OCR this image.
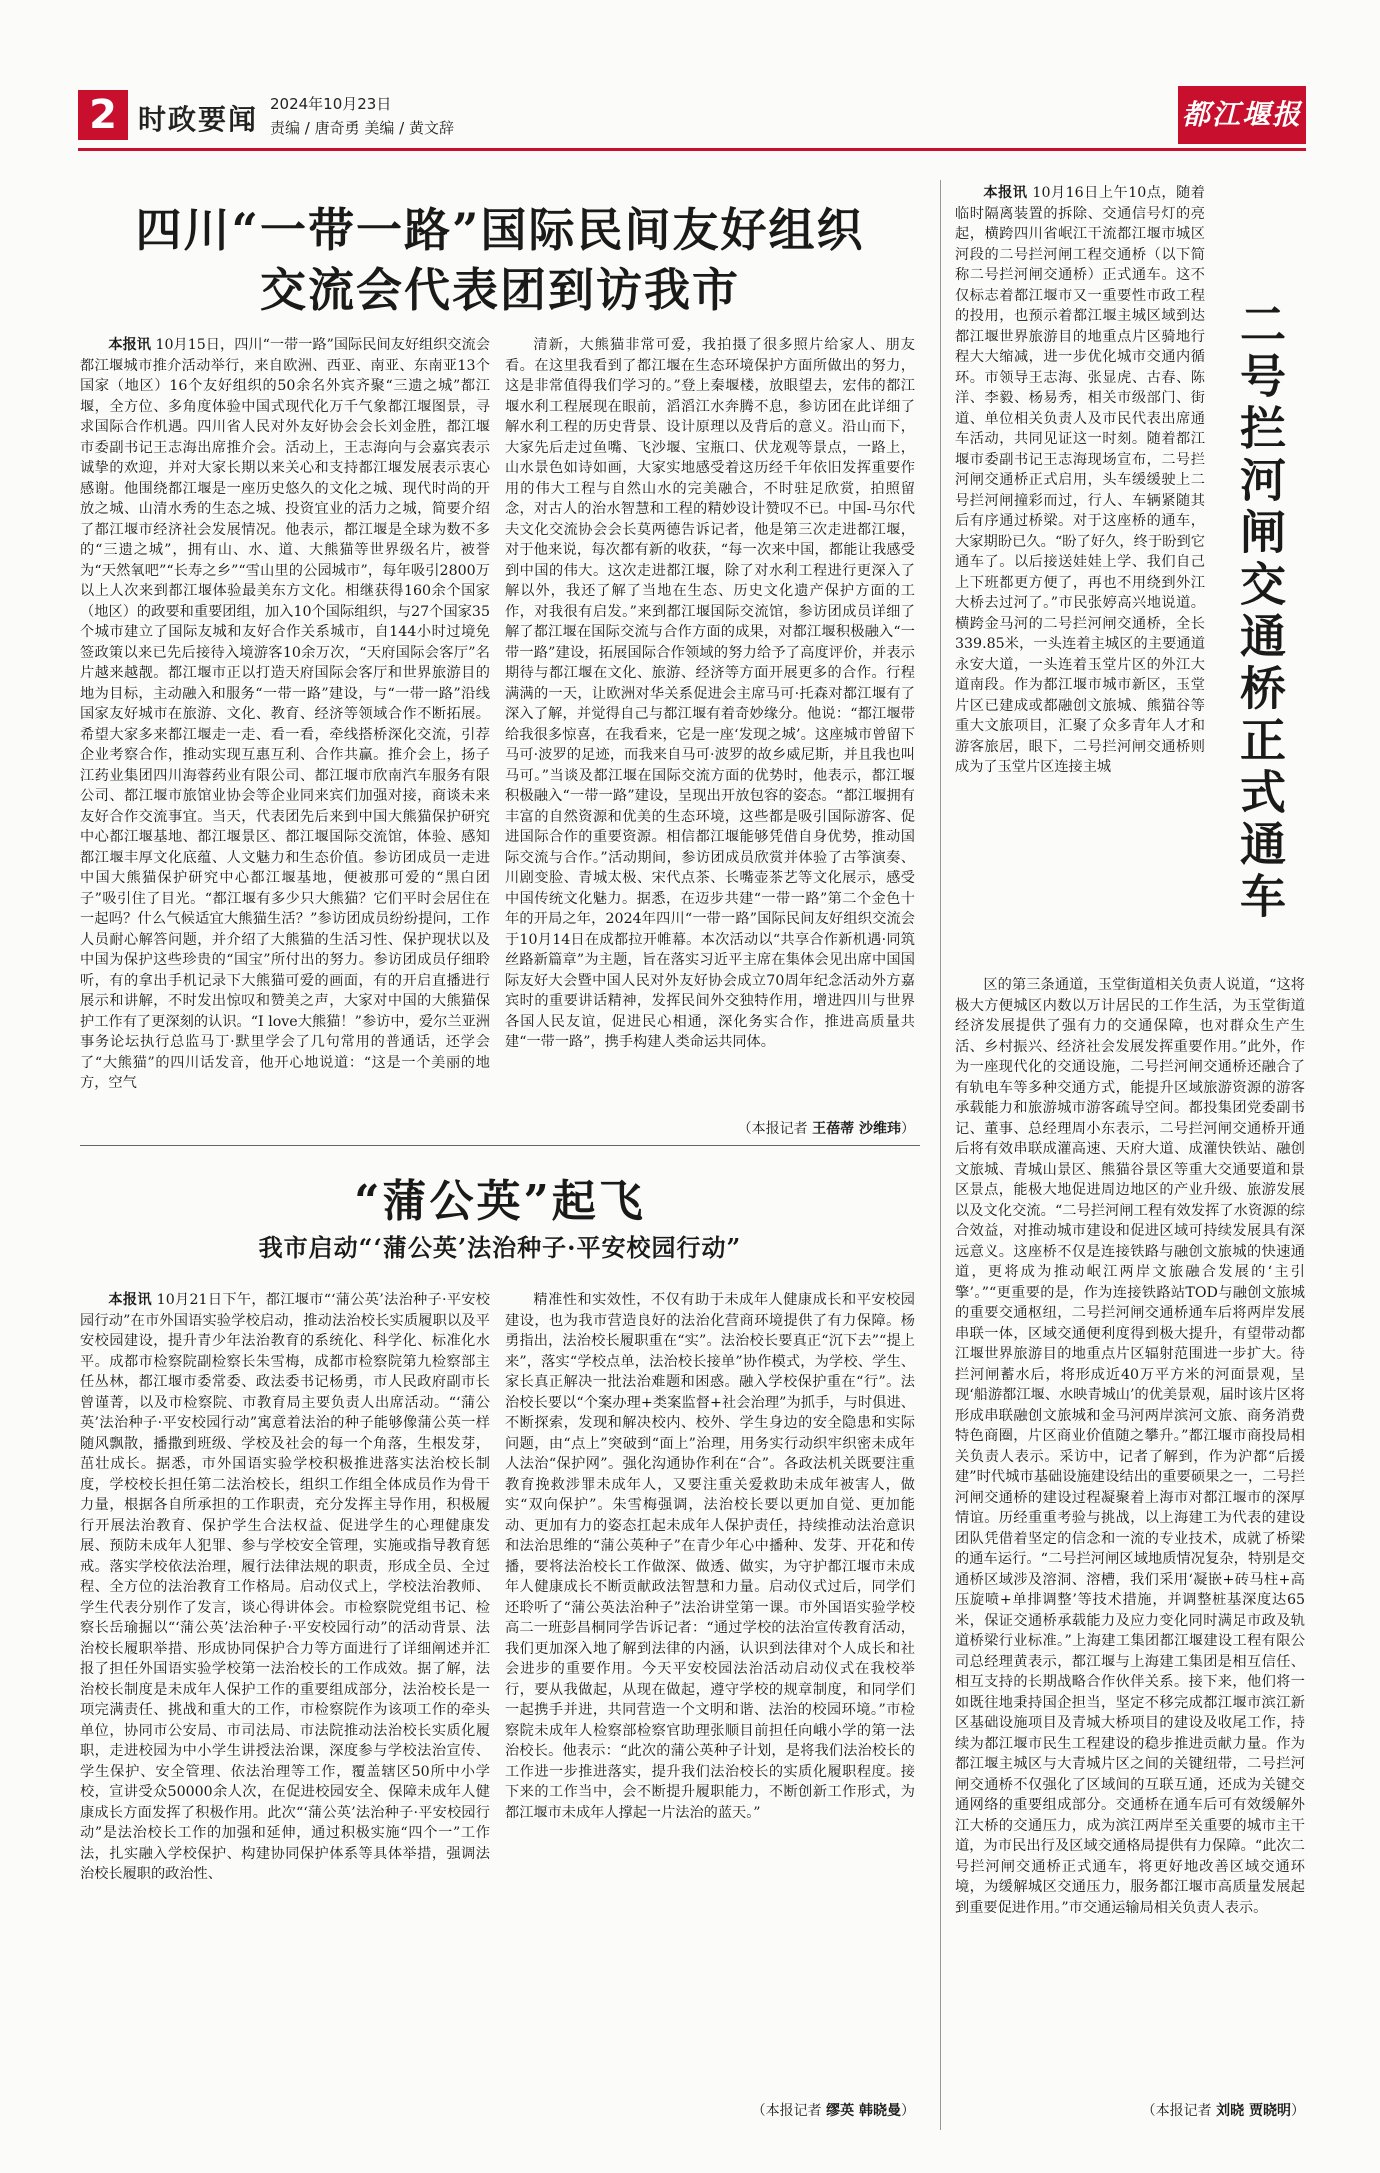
2 时政要闻 2024年10月23日
责编 / 唐奇勇 美编 / 黄文辞	都江堰报
四川“一带一路”国际民间友好组织
交流会代表团到访我市

本报讯 10月15日，四川“一带一路”国际民间友好组织交流会都江堰城市推介活动举行，来自欧洲、西亚、南亚、东南亚13个国家（地区）16个友好组织的50余名外宾齐聚“三遗之城”都江堰，全方位、多角度体验中国式现代化万千气象都江堰图景，寻求国际合作机遇。四川省人民对外友好协会会长刘金胜，都江堰市委副书记王志海出席推介会。活动上，王志海向与会嘉宾表示诚挚的欢迎，并对大家长期以来关心和支持都江堰发展表示衷心感谢。他围绕都江堰是一座历史悠久的文化之城、现代时尚的开放之城、山清水秀的生态之城、投资宜业的活力之城，简要介绍了都江堰市经济社会发展情况。他表示，都江堰是全球为数不多的“三遗之城”，拥有山、水、道、大熊猫等世界级名片，被誉为“天然氧吧”“长寿之乡”“雪山里的公园城市”，每年吸引2800万以上人次来到都江堰体验最美东方文化。相继获得160余个国家（地区）的政要和重要团组，加入10个国际组织，与27个国家35个城市建立了国际友城和友好合作关系城市，自144小时过境免签政策以来已先后接待入境游客10余万次，“天府国际会客厅”名片越来越靓。都江堰市正以打造天府国际会客厅和世界旅游目的地为目标，主动融入和服务“一带一路”建设，与“一带一路”沿线国家友好城市在旅游、文化、教育、经济等领域合作不断拓展。希望大家多来都江堰走一走、看一看，牵线搭桥深化交流，引荐企业考察合作，推动实现互惠互利、合作共赢。推介会上，扬子江药业集团四川海蓉药业有限公司、都江堰市欣南汽车服务有限公司、都江堰市旅馆业协会等企业同来宾们加强对接，商谈未来友好合作交流事宜。当天，代表团先后来到中国大熊猫保护研究中心都江堰基地、都江堰景区、都江堰国际交流馆，体验、感知都江堰丰厚文化底蕴、人文魅力和生态价值。参访团成员一走进中国大熊猫保护研究中心都江堰基地，便被那可爱的“黑白团子”吸引住了目光。“都江堰有多少只大熊猫？它们平时会居住在一起吗？什么气候适宜大熊猫生活？”参访团成员纷纷提问，工作人员耐心解答问题，并介绍了大熊猫的生活习性、保护现状以及中国为保护这些珍贵的“国宝”所付出的努力。参访团成员仔细聆听，有的拿出手机记录下大熊猫可爱的画面，有的开启直播进行展示和讲解，不时发出惊叹和赞美之声，大家对中国的大熊猫保护工作有了更深刻的认识。“I love大熊猫！”参访中，爱尔兰亚洲事务论坛执行总监马丁·默里学会了几句常用的普通话，还学会了“大熊猫”的四川话发音，他开心地说道：“这是一个美丽的地方，空气

清新，大熊猫非常可爱，我拍摄了很多照片给家人、朋友看。在这里我看到了都江堰在生态环境保护方面所做出的努力，这是非常值得我们学习的。”登上秦堰楼，放眼望去，宏伟的都江堰水利工程展现在眼前，滔滔江水奔腾不息，参访团在此详细了解水利工程的历史背景、设计原理以及背后的意义。沿山而下，大家先后走过鱼嘴、飞沙堰、宝瓶口、伏龙观等景点，一路上，山水景色如诗如画，大家实地感受着这历经千年依旧发挥重要作用的伟大工程与自然山水的完美融合，不时驻足欣赏，拍照留念，对古人的治水智慧和工程的精妙设计赞叹不已。中国-马尔代夫文化交流协会会长莫两德告诉记者，他是第三次走进都江堰，对于他来说，每次都有新的收获，“每一次来中国，都能让我感受到中国的伟大。这次走进都江堰，除了对水利工程进行更深入了解以外，我还了解了当地在生态、历史文化遗产保护方面的工作，对我很有启发。”来到都江堰国际交流馆，参访团成员详细了解了都江堰在国际交流与合作方面的成果，对都江堰积极融入“一带一路”建设，拓展国际合作领域的努力给予了高度评价，并表示期待与都江堰在文化、旅游、经济等方面开展更多的合作。行程满满的一天，让欧洲对华关系促进会主席马可·托森对都江堰有了深入了解，并觉得自己与都江堰有着奇妙缘分。他说：“都江堰带给我很多惊喜，在我看来，它是一座‘发现之城’。这座城市曾留下马可·波罗的足迹，而我来自马可·波罗的故乡威尼斯，并且我也叫马可。”当谈及都江堰在国际交流方面的优势时，他表示，都江堰积极融入“一带一路”建设，呈现出开放包容的姿态。“都江堰拥有丰富的自然资源和优美的生态环境，这些都是吸引国际游客、促进国际合作的重要资源。相信都江堰能够凭借自身优势，推动国际交流与合作。”活动期间，参访团成员欣赏并体验了古筝演奏、川剧变脸、青城太极、宋代点茶、长嘴壶茶艺等文化展示，感受中国传统文化魅力。据悉，在迈步共建“一带一路”第二个金色十年的开局之年，2024年四川“一带一路”国际民间友好组织交流会于10月14日在成都拉开帷幕。本次活动以“共享合作新机遇·同筑丝路新篇章”为主题，旨在落实习近平主席在集体会见出席中国国际友好大会暨中国人民对外友好协会成立70周年纪念活动外方嘉宾时的重要讲话精神，发挥民间外交独特作用，增进四川与世界各国人民友谊，促进民心相通，深化务实合作，推进高质量共建“一带一路”，携手构建人类命运共同体。

（本报记者 王蓓蒂 沙维玮）
“蒲公英”起飞
我市启动“‘蒲公英’法治种子·平安校园行动”

本报讯 10月21日下午，都江堰市“‘蒲公英’法治种子·平安校园行动”在市外国语实验学校启动，推动法治校长实质履职以及平安校园建设，提升青少年法治教育的系统化、科学化、标准化水平。成都市检察院副检察长朱雪梅，成都市检察院第九检察部主任丛林，都江堰市委常委、政法委书记杨勇，市人民政府副市长曾谨菁，以及市检察院、市教育局主要负责人出席活动。“‘蒲公英’法治种子·平安校园行动”寓意着法治的种子能够像蒲公英一样随风飘散，播撒到班级、学校及社会的每一个角落，生根发芽，茁壮成长。据悉，市外国语实验学校积极推进落实法治校长制度，学校校长担任第二法治校长，组织工作组全体成员作为骨干力量，根据各自所承担的工作职责，充分发挥主导作用，积极履行开展法治教育、保护学生合法权益、促进学生的心理健康发展、预防未成年人犯罪、参与学校安全管理，实施或指导教育惩戒。落实学校依法治理，履行法律法规的职责，形成全员、全过程、全方位的法治教育工作格局。启动仪式上，学校法治教师、学生代表分别作了发言，谈心得讲体会。市检察院党组书记、检察长岳瑜掘以“‘蒲公英’法治种子·平安校园行动”的活动背景、法治校长履职举措、形成协同保护合力等方面进行了详细阐述并汇报了担任外国语实验学校第一法治校长的工作成效。据了解，法治校长制度是未成年人保护工作的重要组成部分，法治校长是一项完满责任、挑战和重大的工作，市检察院作为该项工作的牵头单位，协同市公安局、市司法局、市法院推动法治校长实质化履职，走进校园为中小学生讲授法治课，深度参与学校法治宣传、学生保护、安全管理、依法治理等工作，覆盖辖区50所中小学校，宣讲受众50000余人次，在促进校园安全、保障未成年人健康成长方面发挥了积极作用。此次“‘蒲公英’法治种子·平安校园行动”是法治校长工作的加强和延伸，通过积极实施“四个一”工作法，扎实融入学校保护、构建协同保护体系等具体举措，强调法治校长履职的政治性、

精准性和实效性，不仅有助于未成年人健康成长和平安校园建设，也为我市营造良好的法治化营商环境提供了有力保障。杨勇指出，法治校长履职重在“实”。法治校长要真正“沉下去”“提上来”，落实“学校点单，法治校长接单”协作模式，为学校、学生、家长真正解决一批法治难题和困惑。融入学校保护重在“行”。法治校长要以“个案办理+类案监督+社会治理”为抓手，与时俱进、不断探索，发现和解决校内、校外、学生身边的安全隐患和实际问题，由“点上”突破到“面上”治理，用务实行动织牢织密未成年人法治“保护网”。强化沟通协作利在“合”。各政法机关既要注重教育挽救涉罪未成年人，又要注重关爱救助未成年被害人，做实“双向保护”。朱雪梅强调，法治校长要以更加自觉、更加能动、更加有力的姿态扛起未成年人保护责任，持续推动法治意识和法治思维的“蒲公英种子”在青少年心中播种、发芽、开花和传播，要将法治校长工作做深、做透、做实，为守护都江堰市未成年人健康成长不断贡献政法智慧和力量。启动仪式过后，同学们还聆听了“蒲公英法治种子”法治讲堂第一课。市外国语实验学校高二一班彭昌桐同学告诉记者：“通过学校的法治宣传教育活动，我们更加深入地了解到法律的内涵，认识到法律对个人成长和社会进步的重要作用。今天平安校园法治活动启动仪式在我校举行，要从我做起，从现在做起，遵守学校的规章制度，和同学们一起携手并进，共同营造一个文明和谐、法治的校园环境。”市检察院未成年人检察部检察官助理张顺目前担任向峨小学的第一法治校长。他表示：“此次的蒲公英种子计划，是将我们法治校长的工作进一步推进落实，提升我们法治校长的实质化履职程度。接下来的工作当中，会不断提升履职能力，不断创新工作形式，为都江堰市未成年人撑起一片法治的蓝天。”

（本报记者 缪英 韩晓曼）
二号拦河闸交通桥正式通车

本报讯 10月16日上午10点，随着临时隔离装置的拆除、交通信号灯的亮起，横跨四川省岷江干流都江堰市城区河段的二号拦河闸工程交通桥（以下简称二号拦河闸交通桥）正式通车。这不仅标志着都江堰市又一重要性市政工程的投用，也预示着都江堰主城区域到达都江堰世界旅游目的地重点片区骑地行程大大缩减，进一步优化城市交通内循环。市领导王志海、张显虎、古春、陈洋、李毅、杨易秀，相关市级部门、街道、单位相关负责人及市民代表出席通车活动，共同见证这一时刻。随着都江堰市委副书记王志海现场宣布，二号拦河闸交通桥正式启用，头车缓缓驶上二号拦河闸撞彩而过，行人、车辆紧随其后有序通过桥梁。对于这座桥的通车，大家期盼已久。“盼了好久，终于盼到它通车了。以后接送娃娃上学、我们自己上下班都更方便了，再也不用绕到外江大桥去过河了。”市民张婷高兴地说道。横跨金马河的二号拦河闸交通桥，全长339.85米，一头连着主城区的主要通道永安大道，一头连着玉堂片区的外江大道南段。作为都江堰市城市新区，玉堂片区已建成或都融创文旅城、熊猫谷等重大文旅项目，汇聚了众多青年人才和游客旅居，眼下，二号拦河闸交通桥则成为了玉堂片区连接主城

区的第三条通道，玉堂街道相关负责人说道，“这将极大方便城区内数以万计居民的工作生活，为玉堂街道经济发展提供了强有力的交通保障，也对群众生产生活、乡村振兴、经济社会发展发挥重要作用。”此外，作为一座现代化的交通设施，二号拦河闸交通桥还融合了有轨电车等多种交通方式，能提升区域旅游资源的游客承载能力和旅游城市游客疏导空间。都投集团党委副书记、董事、总经理周小东表示，二号拦河闸交通桥开通后将有效串联成灌高速、天府大道、成灌快铁站、融创文旅城、青城山景区、熊猫谷景区等重大交通要道和景区景点，能极大地促进周边地区的产业升级、旅游发展以及文化交流。“二号拦河闸工程有效发挥了水资源的综合效益，对推动城市建设和促进区域可持续发展具有深远意义。这座桥不仅是连接铁路与融创文旅城的快速通道，更将成为推动岷江两岸文旅融合发展的‘主引擎’。”“更重要的是，作为连接铁路站TOD与融创文旅城的重要交通枢纽，二号拦河闸交通桥通车后将两岸发展串联一体，区域交通便利度得到极大提升，有望带动都江堰世界旅游目的地重点片区辐射范围进一步扩大。待拦河闸蓄水后，将形成近40万平方米的河面景观，呈现‘船游都江堰、水映青城山’的优美景观，届时该片区将形成串联融创文旅城和金马河两岸滨河文旅、商务消费特色商圈，片区商业价值随之攀升。”都江堰市商投局相关负责人表示。采访中，记者了解到，作为沪都“后援建”时代城市基础设施建设结出的重要硕果之一，二号拦河闸交通桥的建设过程凝聚着上海市对都江堰市的深厚情谊。历经重重考验与挑战，以上海建工为代表的建设团队凭借着坚定的信念和一流的专业技术，成就了桥梁的通车运行。“二号拦河闸区域地质情况复杂，特别是交通桥区域涉及溶洞、溶槽，我们采用‘凝嵌+砖马柱+高压旋喷+单排调整’等技术措施，并调整桩基深度达65米，保证交通桥承载能力及应力变化同时满足市政及轨道桥梁行业标准。”上海建工集团都江堰建设工程有限公司总经理黄表示，都江堰与上海建工集团是相互信任、相互支持的长期战略合作伙伴关系。接下来，他们将一如既往地秉持国企担当，坚定不移完成都江堰市滨江新区基础设施项目及青城大桥项目的建设及收尾工作，持续为都江堰市民生工程建设的稳步推进贡献力量。作为都江堰主城区与大青城片区之间的关键纽带，二号拦河闸交通桥不仅强化了区域间的互联互通，还成为关键交通网络的重要组成部分。交通桥在通车后可有效缓解外江大桥的交通压力，成为滨江两岸至关重要的城市主干道，为市民出行及区域交通格局提供有力保障。“此次二号拦河闸交通桥正式通车，将更好地改善区域交通环境，为缓解城区交通压力，服务都江堰市高质量发展起到重要促进作用。”市交通运输局相关负责人表示。

（本报记者 刘晓 贾晓明）
